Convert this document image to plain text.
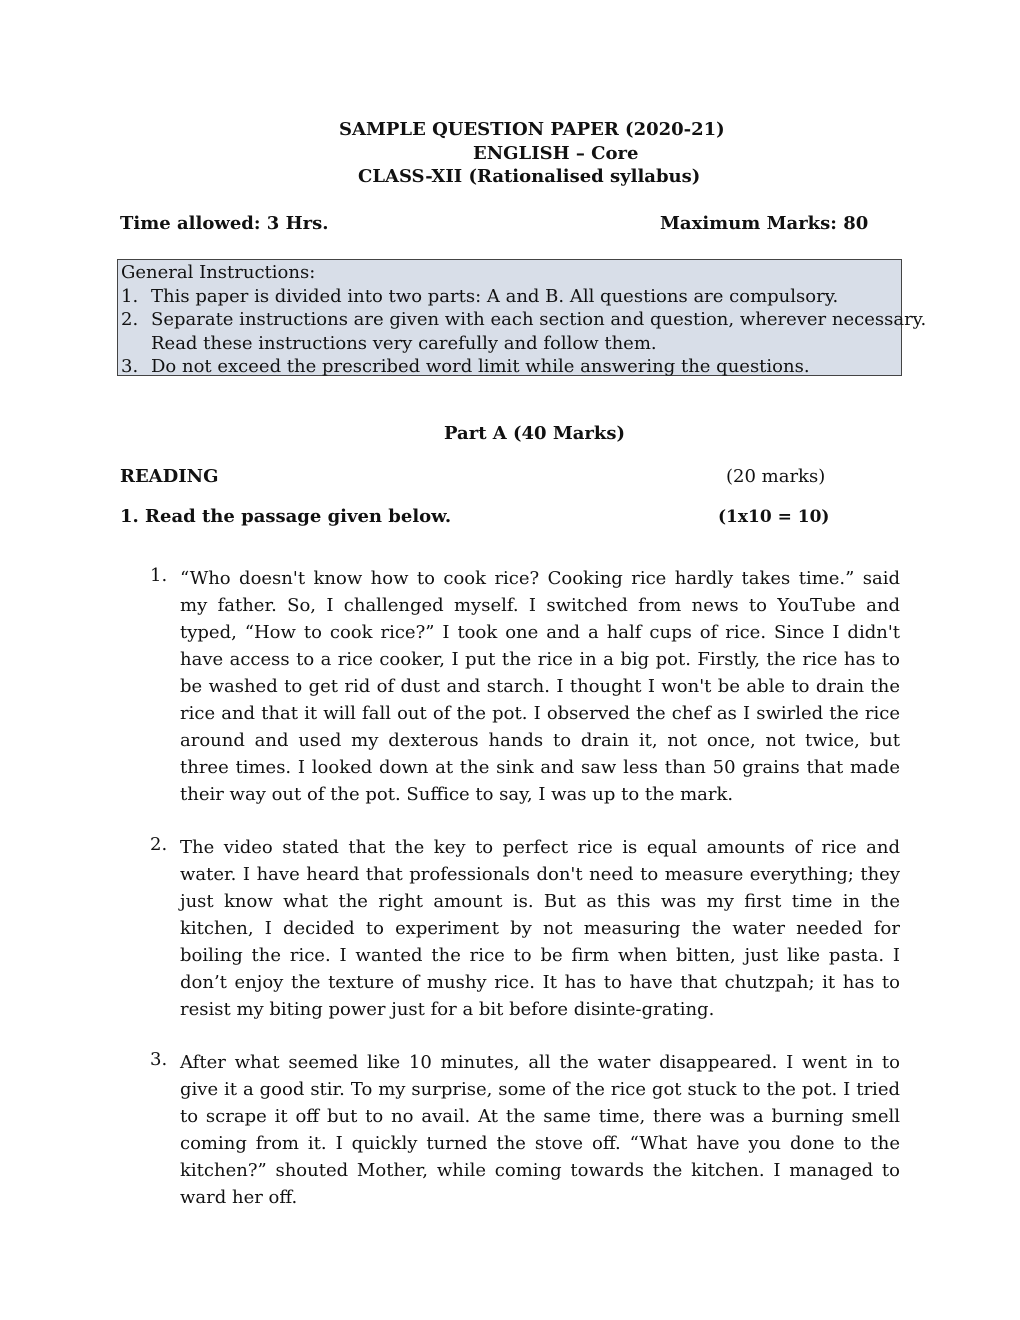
SAMPLE QUESTION PAPER (2020-21)
ENGLISH – Core
CLASS-XII (Rationalised syllabus)
Time allowed: 3 Hrs.	Maximum Marks: 80
General Instructions:
1. This paper is divided into two parts: A and B. All questions are compulsory.
2. Separate instructions are given with each section and question, wherever necessary.
Read these instructions very carefully and follow them.
3. Do not exceed the prescribed word limit while answering the questions.
Part A (40 Marks)
READING	(20 marks)
1. Read the passage given below.	(1x10 = 10)
1. “Who doesn't know how to cook rice? Cooking rice hardly takes time.” said my father. So, I challenged myself. I switched from news to YouTube and typed, “How to cook rice?” I took one and a half cups of rice. Since I didn't have access to a rice cooker, I put the rice in a big pot. Firstly, the rice has to be washed to get rid of dust and starch. I thought I won't be able to drain the rice and that it will fall out of the pot. I observed the chef as I swirled the rice around and used my dexterous hands to drain it, not once, not twice, but three times. I looked down at the sink and saw less than 50 grains that made their way out of the pot. Suffice to say, I was up to the mark.
2. The video stated that the key to perfect rice is equal amounts of rice and water. I have heard that professionals don't need to measure everything; they just know what the right amount is. But as this was my first time in the kitchen, I decided to experiment by not measuring the water needed for boiling the rice. I wanted the rice to be firm when bitten, just like pasta. I don’t enjoy the texture of mushy rice. It has to have that chutzpah; it has to resist my biting power just for a bit before disinte-grating.
3. After what seemed like 10 minutes, all the water disappeared. I went in to give it a good stir. To my surprise, some of the rice got stuck to the pot. I tried to scrape it off but to no avail. At the same time, there was a burning smell coming from it. I quickly turned the stove off. “What have you done to the kitchen?” shouted Mother, while coming towards the kitchen. I managed to ward her off.
